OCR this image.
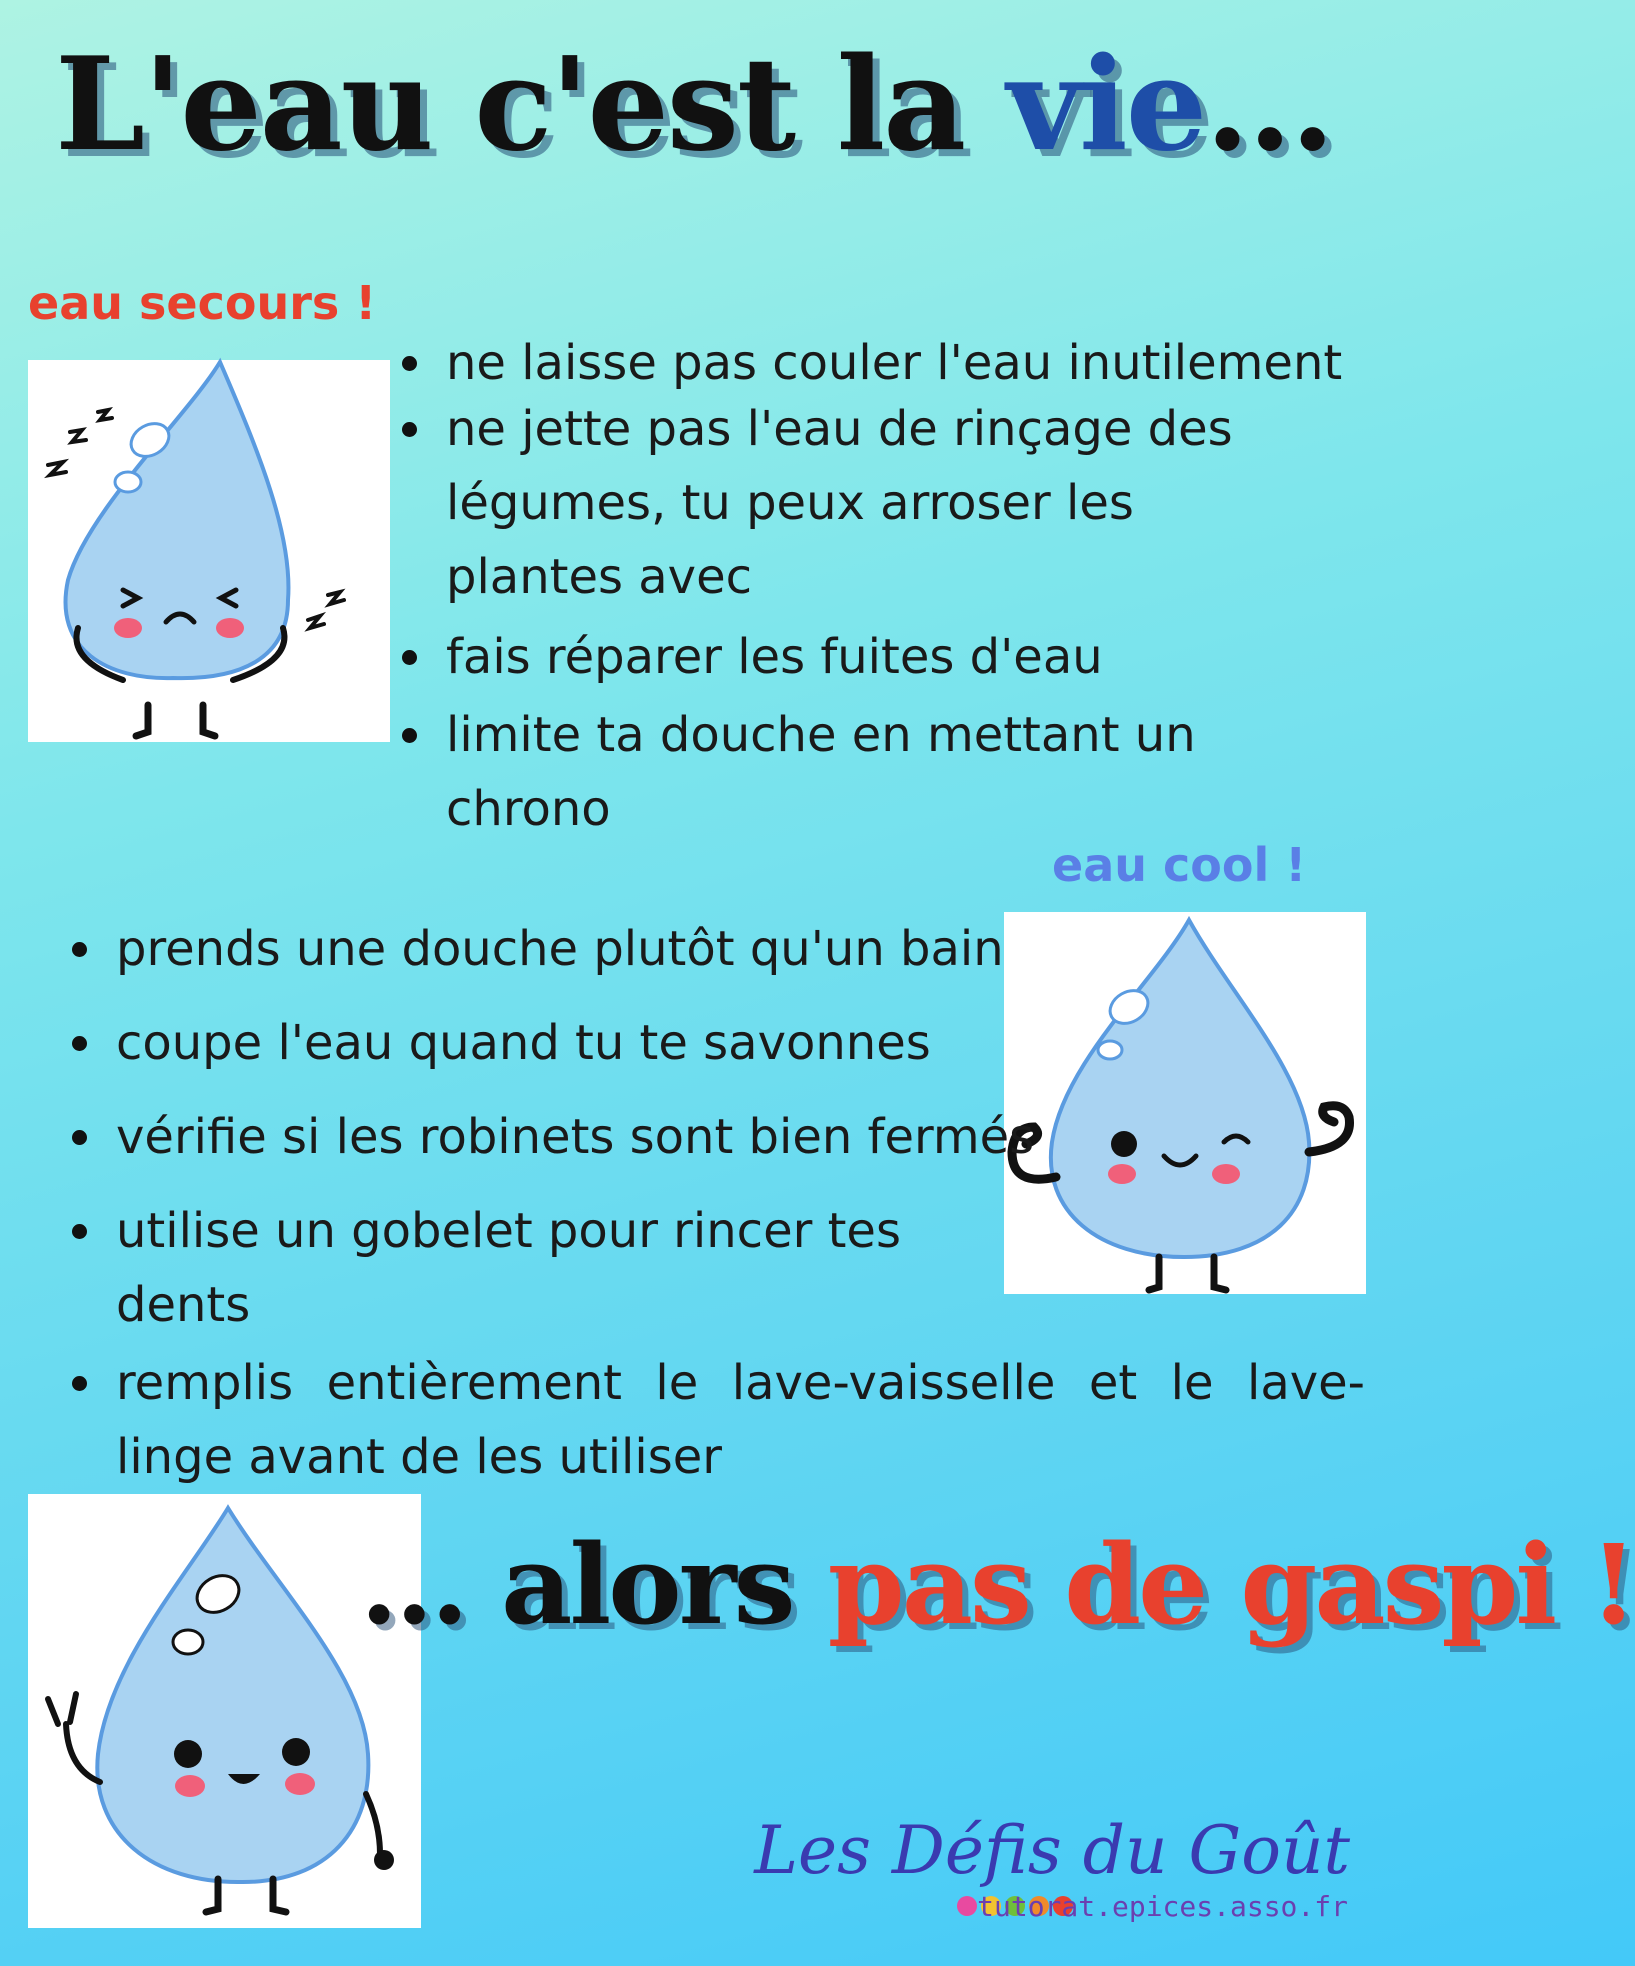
L'eau c'est la vie...
eau secours !
ne laisse pas couler l'eau inutilement
ne jette pas l'eau de rinçage des légumes, tu peux arroser les plantes avec
fais réparer les fuites d'eau
limite ta douche en mettant un chrono
eau cool !
prends une douche plutôt qu'un bain
coupe l'eau quand tu te savonnes
vérifie si les robinets sont bien fermés
utilise un gobelet pour rincer tes dents
remplis entièrement le lave-vaisselle et le lave-linge avant de les utiliser
... alors pas de gaspi !
Les Défis du Goût
tutorat.epices.asso.fr
